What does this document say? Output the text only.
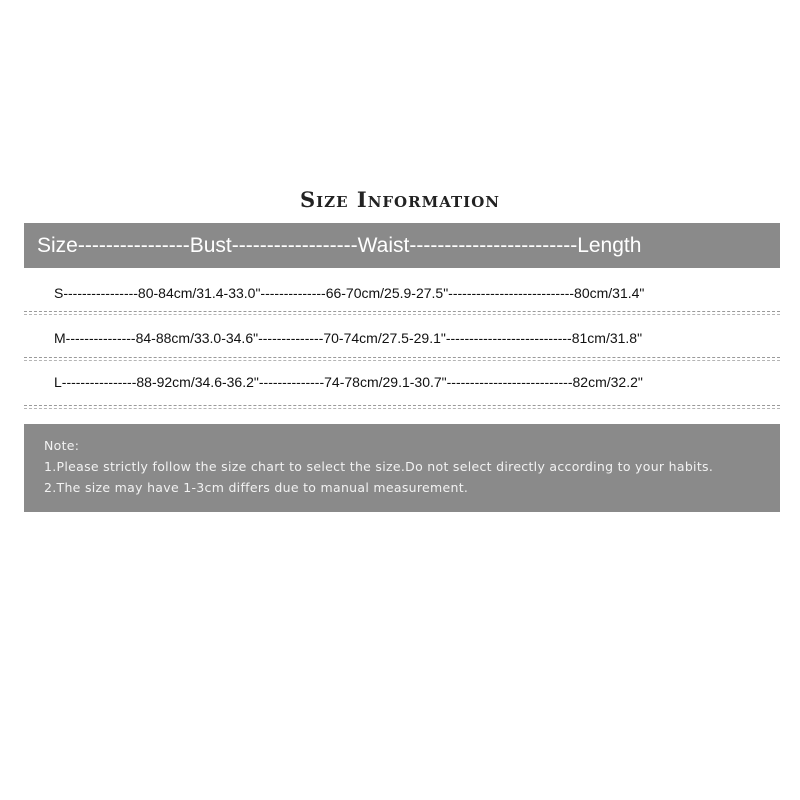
Size Information
Size----------------Bust------------------Waist------------------------Length
S----------------80-84cm/31.4-33.0"--------------66-70cm/25.9-27.5"---------------------------80cm/31.4"
M---------------84-88cm/33.0-34.6"--------------70-74cm/27.5-29.1"---------------------------81cm/31.8"
L----------------88-92cm/34.6-36.2"--------------74-78cm/29.1-30.7"---------------------------82cm/32.2"
Note:
1.Please strictly follow the size chart to select the size.Do not select directly according to your habits.
2.The size may have 1-3cm differs due to manual measurement.
